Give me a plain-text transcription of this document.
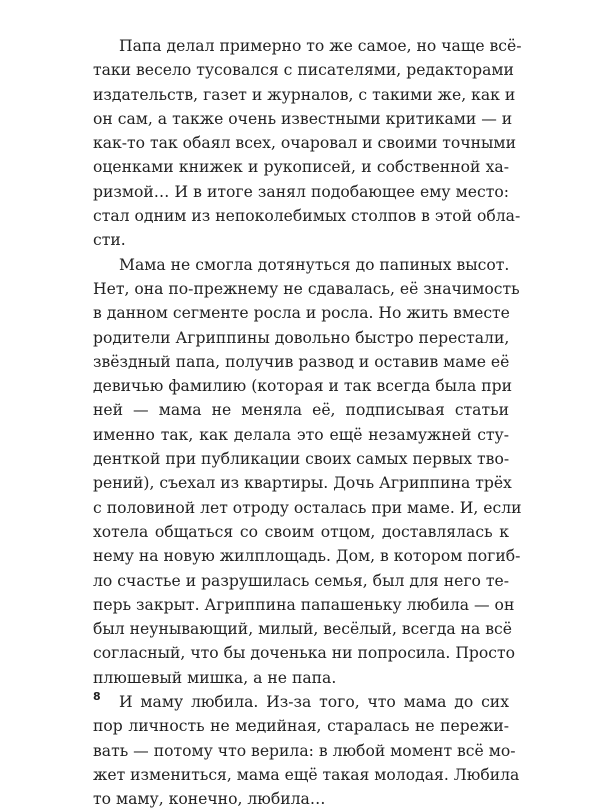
Папа делал примерно то же самое, но чаще всё-
таки весело тусовался с писателями, редакторами
издательств, газет и журналов, с такими же, как и
он сам, а также очень известными критиками — и
как-то так обаял всех, очаровал и своими точными
оценками книжек и рукописей, и собственной ха-
ризмой… И в итоге занял подобающее ему место:
стал одним из непоколебимых столпов в этой обла-
сти.
Мама не смогла дотянуться до папиных высот.
Нет, она по-прежнему не сдавалась, её значимость
в данном сегменте росла и росла. Но жить вместе
родители Агриппины довольно быстро перестали,
звёздный папа, получив развод и оставив маме её
девичью фамилию (которая и так всегда была при
ней — мама не меняла её, подписывая статьи
именно так, как делала это ещё незамужней сту-
денткой при публикации своих самых первых тво-
рений), съехал из квартиры. Дочь Агриппина трёх
с половиной лет отроду осталась при маме. И, если
хотела общаться со своим отцом, доставлялась к
нему на новую жилплощадь. Дом, в котором погиб-
ло счастье и разрушилась семья, был для него те-
перь закрыт. Агриппина папашеньку любила — он
был неунывающий, милый, весёлый, всегда на всё
согласный, что бы доченька ни попросила. Просто
плюшевый мишка, а не папа.
И маму любила. Из-за того, что мама до сих
пор личность не медийная, старалась не пережи-
вать — потому что верила: в любой момент всё мо-
жет измениться, мама ещё такая молодая. Любила
то маму, конечно, любила…
8
